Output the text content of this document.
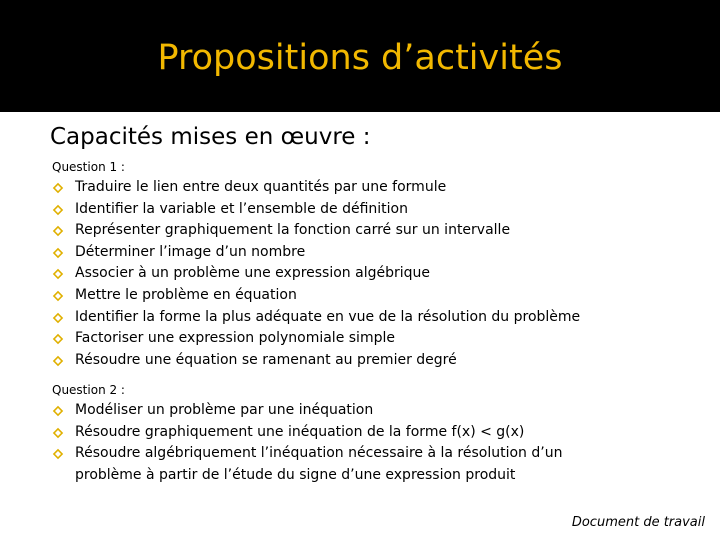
Propositions d’activités
Capacités mises en œuvre :
Question 1 :
Traduire le lien entre deux quantités par une formule
Identifier la variable et l’ensemble de définition
Représenter graphiquement la fonction carré sur un intervalle
Déterminer l’image d’un nombre
Associer à un problème une expression algébrique
Mettre le problème en équation
Identifier la forme la plus adéquate en vue de la résolution du problème
Factoriser une expression polynomiale simple
Résoudre une équation se ramenant au premier degré
Question 2 :
Modéliser un problème par une inéquation
Résoudre graphiquement une inéquation de la forme f(x) < g(x)
Résoudre algébriquement l’inéquation nécessaire à la résolution d’un
problème à partir de l’étude du signe d’une expression produit
Document de travail
